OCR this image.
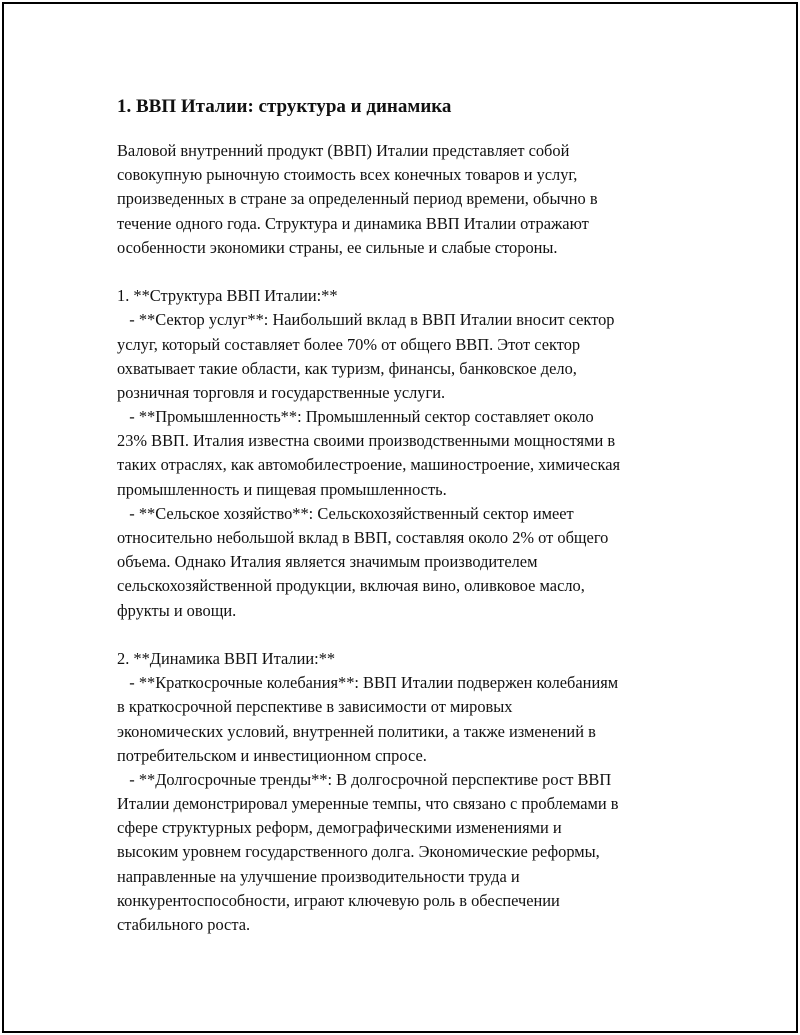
1. ВВП Италии: структура и динамика
Валовой внутренний продукт (ВВП) Италии представляет собой
совокупную рыночную стоимость всех конечных товаров и услуг,
произведенных в стране за определенный период времени, обычно в
течение одного года. Структура и динамика ВВП Италии отражают
особенности экономики страны, ее сильные и слабые стороны.
1. **Структура ВВП Италии:**
- **Сектор услуг**: Наибольший вклад в ВВП Италии вносит сектор
услуг, который составляет более 70% от общего ВВП. Этот сектор
охватывает такие области, как туризм, финансы, банковское дело,
розничная торговля и государственные услуги.
- **Промышленность**: Промышленный сектор составляет около
23% ВВП. Италия известна своими производственными мощностями в
таких отраслях, как автомобилестроение, машиностроение, химическая
промышленность и пищевая промышленность.
- **Сельское хозяйство**: Сельскохозяйственный сектор имеет
относительно небольшой вклад в ВВП, составляя около 2% от общего
объема. Однако Италия является значимым производителем
сельскохозяйственной продукции, включая вино, оливковое масло,
фрукты и овощи.
2. **Динамика ВВП Италии:**
- **Краткосрочные колебания**: ВВП Италии подвержен колебаниям
в краткосрочной перспективе в зависимости от мировых
экономических условий, внутренней политики, а также изменений в
потребительском и инвестиционном спросе.
- **Долгосрочные тренды**: В долгосрочной перспективе рост ВВП
Италии демонстрировал умеренные темпы, что связано с проблемами в
сфере структурных реформ, демографическими изменениями и
высоким уровнем государственного долга. Экономические реформы,
направленные на улучшение производительности труда и
конкурентоспособности, играют ключевую роль в обеспечении
стабильного роста.
